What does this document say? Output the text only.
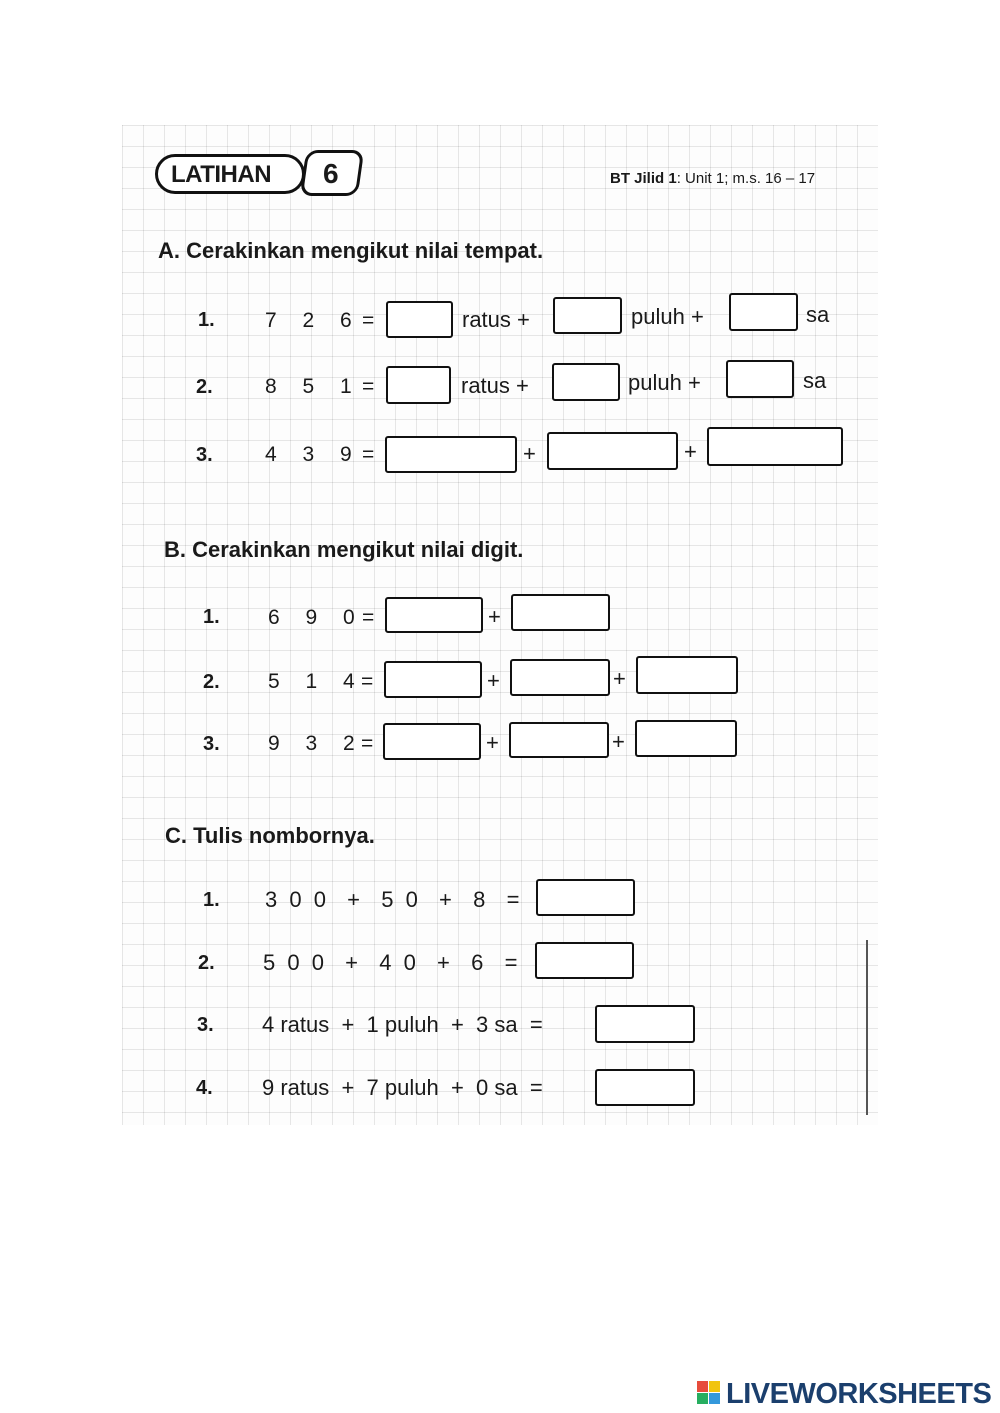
LATIHAN 6	BT Jilid 1: Unit 1; m.s. 16 – 17
A. Cerakinkan mengikut nilai tempat.
1. 7 2 6 =	ratus +	puluh +	sa
2. 8 5 1 =	ratus +	puluh +	sa
3. 4 3 9 =	+	+
B. Cerakinkan mengikut nilai digit.
1. 6 9 0
=	+
2. 5 1 4
=	+	+
3. 9 3 2
=	+	+
C. Tulis nombornya.
1. 3 0 0  +  5 0  +  8  =
2. 5 0 0  +  4 0  +  6  =
3. 4 ratus  +  1 puluh  +  3 sa  =
4. 9 ratus  +  7 puluh  +  0 sa  =
LIVEWORKSHEETS
